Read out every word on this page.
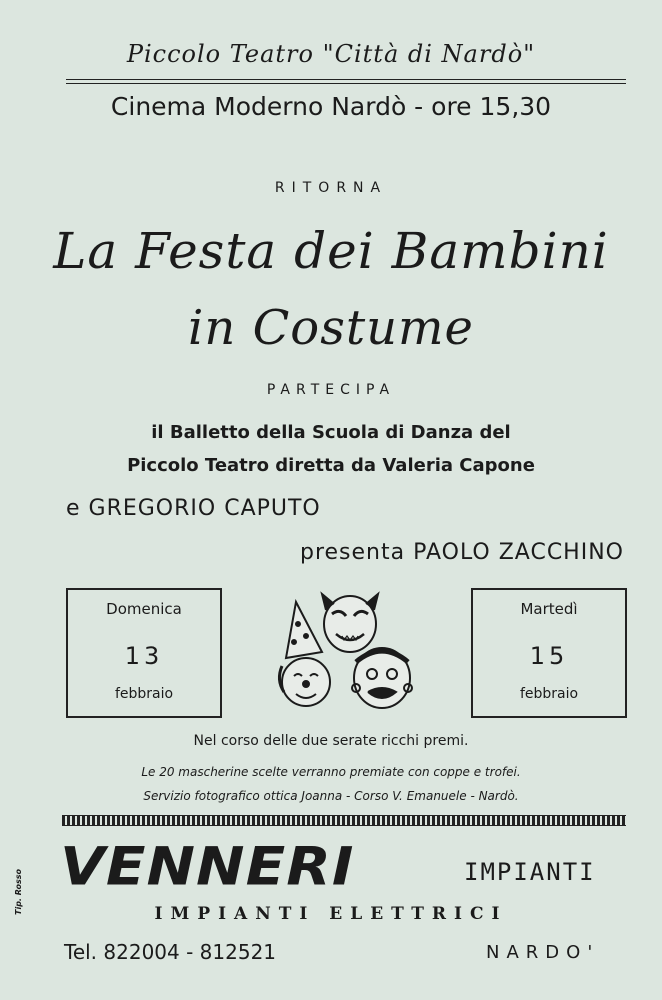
Piccolo Teatro "Città di Nardò"
Cinema Moderno Nardò - ore 15,30
RITORNA
La Festa dei Bambini
in Costume
PARTECIPA
il Balletto della Scuola di Danza del
Piccolo Teatro diretta da Valeria Capone
e GREGORIO CAPUTO
presenta PAOLO ZACCHINO
Domenica
13
febbraio
Martedì
15
febbraio
Nel corso delle due serate ricchi premi.
Le 20 mascherine scelte verranno premiate con coppe e trofei.
Servizio fotografico ottica Joanna - Corso V. Emanuele - Nardò.
VENNERI	IMPIANTI
IMPIANTI ELETTRICI
Tel. 822004 - 812521	NARDO'
Tip. Rosso
